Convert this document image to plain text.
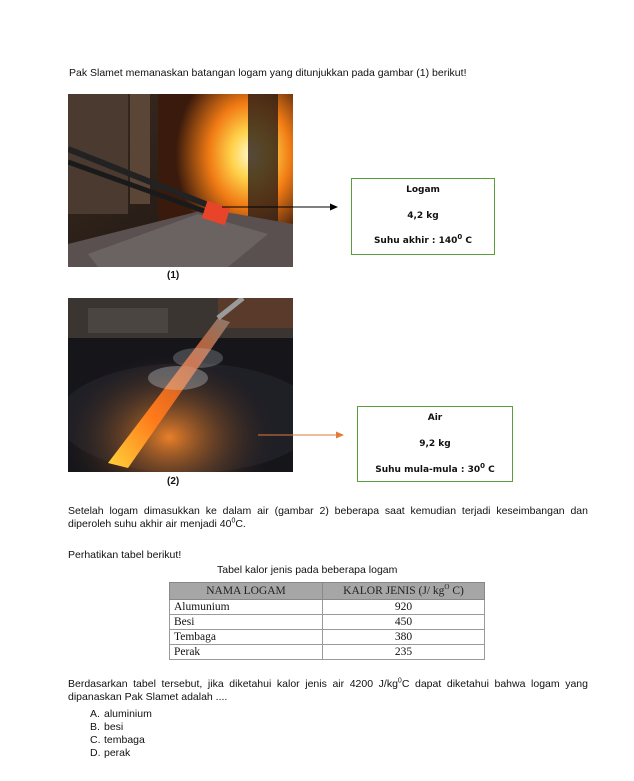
Pak Slamet memanaskan batangan logam yang ditunjukkan pada gambar (1) berikut!
(1)
Logam
4,2 kg
Suhu akhir : $140^0$ C
(2)
Air
9,2 kg
Suhu mula-mula : $30^0$ C
Setelah logam dimasukkan ke dalam air (gambar 2) beberapa saat kemudian terjadi keseimbangan dan diperoleh suhu akhir air menjadi $40^0C$.
Perhatikan tabel berikut!
Tabel kalor jenis pada beberapa logam
NAMA LOGAM	KALOR JENIS (J/ $kg^O$ C)
Alumunium	920
Besi	450
Tembaga	380
Perak	235
Berdasarkan tabel tersebut, jika diketahui kalor jenis air 4200 $J/kg^0C$ dapat diketahui bahwa logam yang dipanaskan Pak Slamet adalah ....
A. aluminium
B. besi
C. tembaga
D. perak
